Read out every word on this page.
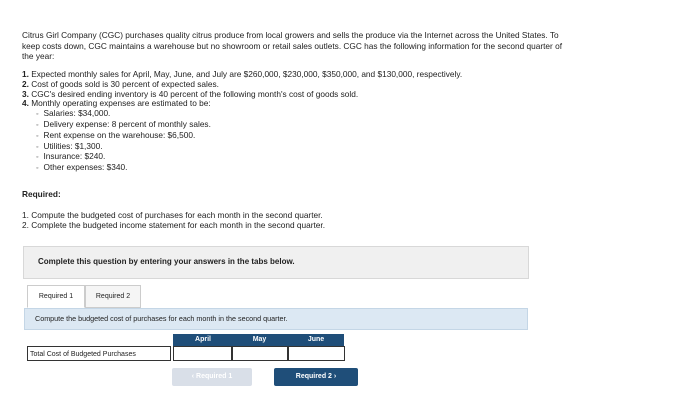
Citrus Girl Company (CGC) purchases quality citrus produce from local growers and sells the produce via the Internet across the United States. To keep costs down, CGC maintains a warehouse but no showroom or retail sales outlets. CGC has the following information for the second quarter of the year:
1. Expected monthly sales for April, May, June, and July are $260,000, $230,000, $350,000, and $130,000, respectively.
2. Cost of goods sold is 30 percent of expected sales.
3. CGC's desired ending inventory is 40 percent of the following month's cost of goods sold.
4. Monthly operating expenses are estimated to be:
◦ Salaries: $34,000.
◦ Delivery expense: 8 percent of monthly sales.
◦ Rent expense on the warehouse: $6,500.
◦ Utilities: $1,300.
◦ Insurance: $240.
◦ Other expenses: $340.
Required:
1. Compute the budgeted cost of purchases for each month in the second quarter.
2. Complete the budgeted income statement for each month in the second quarter.
Complete this question by entering your answers in the tabs below.
Required 1	Required 2
Compute the budgeted cost of purchases for each month in the second quarter.
April	May	June
Total Cost of Budgeted Purchases
‹ Required 1	Required 2 ›
